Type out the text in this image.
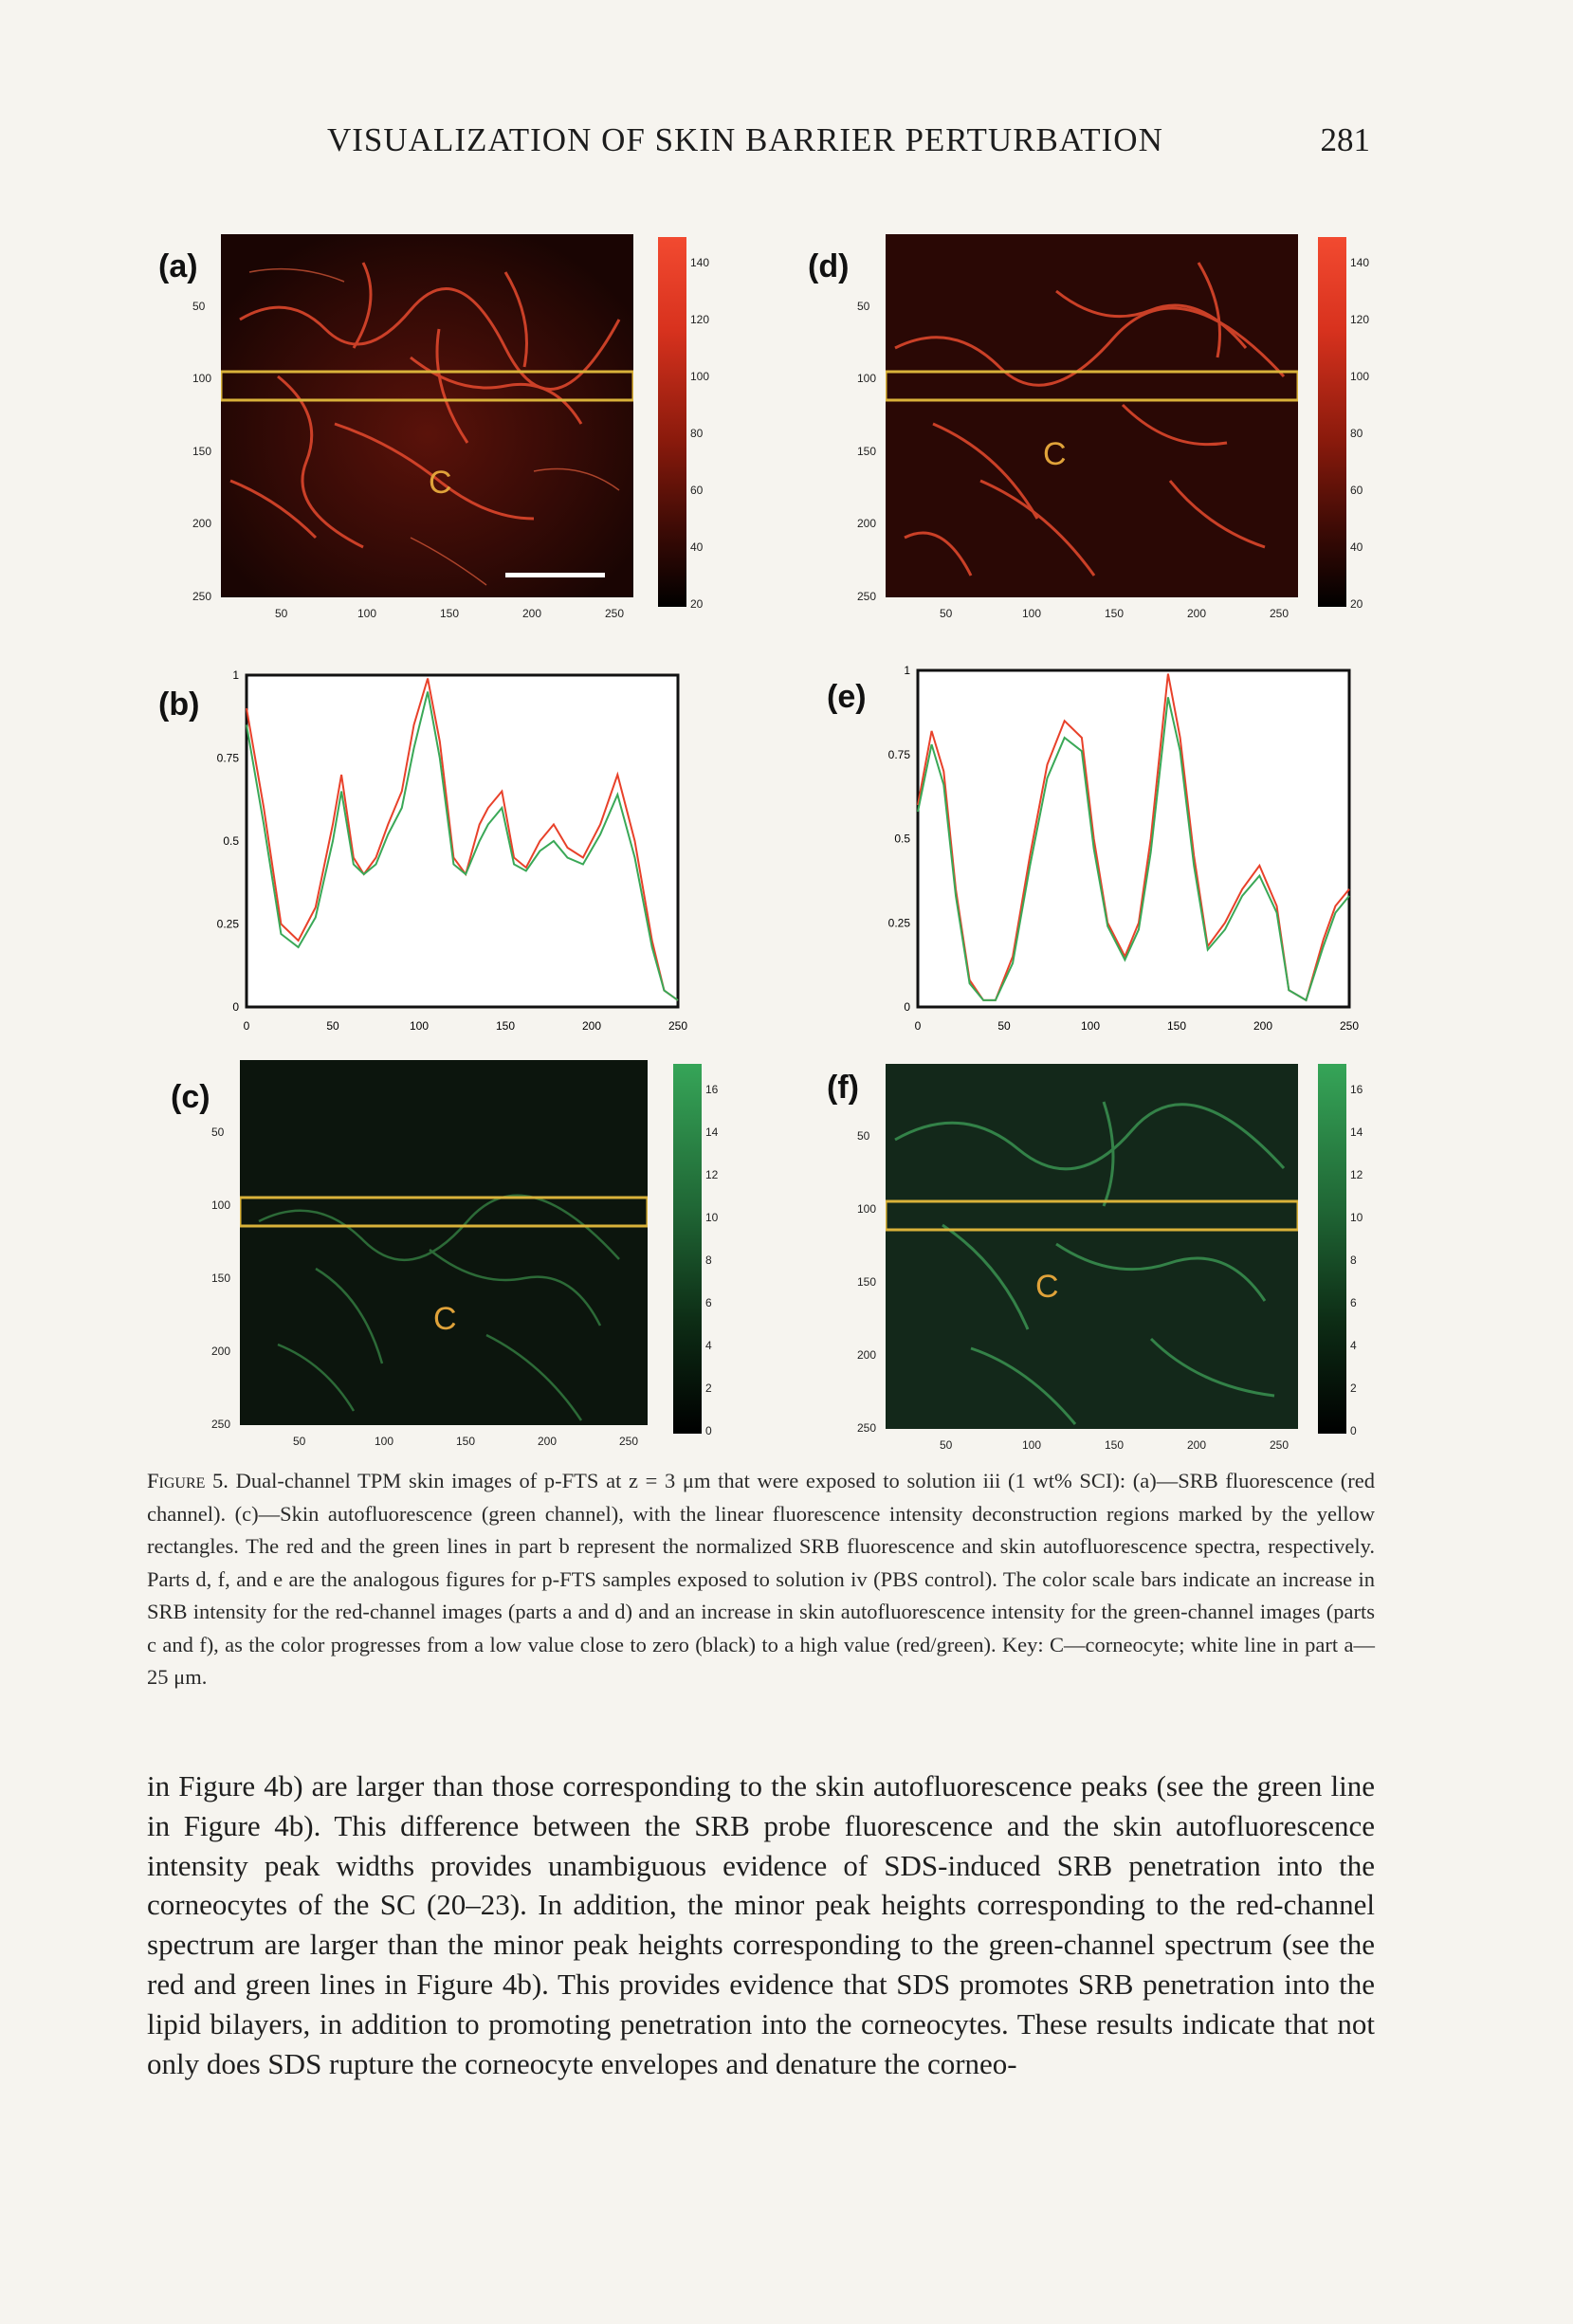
VISUALIZATION OF SKIN BARRIER PERTURBATION	281
(a)	(d)
(b)	(e)
(c)	(f)
C
C
C
C
0	50	100	150	200	250
0
0.25
0.5
0.75
1
0	50	100	150	200	250
0
0.25
0.5
0.75
1
50
50
100
100
150
150
200
200
250
250
50
50
100
100
150
150
200
200
250
250
50
50
100
100
150
150
200
200
250
250
50
50
100
100
150
150
200
200
250
250
140
120
100
80
60
40
20
140
120
100
80
60
40
20
16
14
12
10
8
6
4
2
0
16
14
12
10
8
6
4
2
0
Figure 5. Dual-channel TPM skin images of p-FTS at z = 3 μm that were exposed to solution iii (1 wt% SCI): (a)—SRB fluorescence (red channel). (c)—Skin autofluorescence (green channel), with the linear fluorescence intensity deconstruction regions marked by the yellow rectangles. The red and the green lines in part b represent the normalized SRB fluorescence and skin autofluorescence spectra, respectively. Parts d, f, and e are the analogous figures for p-FTS samples exposed to solution iv (PBS control). The color scale bars indicate an increase in SRB intensity for the red-channel images (parts a and d) and an increase in skin autofluorescence intensity for the green-channel images (parts c and f), as the color progresses from a low value close to zero (black) to a high value (red/green). Key: C—corneocyte; white line in part a—25 μm.
in Figure 4b) are larger than those corresponding to the skin autofluorescence peaks (see the green line in Figure 4b). This difference between the SRB probe fluorescence and the skin autofluorescence intensity peak widths provides unambiguous evidence of SDS-induced SRB penetration into the corneocytes of the SC (20–23). In addition, the minor peak heights corresponding to the red-channel spectrum are larger than the minor peak heights corresponding to the green-channel spectrum (see the red and green lines in Figure 4b). This provides evidence that SDS promotes SRB penetration into the lipid bilayers, in addition to promoting penetration into the corneocytes. These results indicate that not only does SDS rupture the corneocyte envelopes and denature the corneo-
